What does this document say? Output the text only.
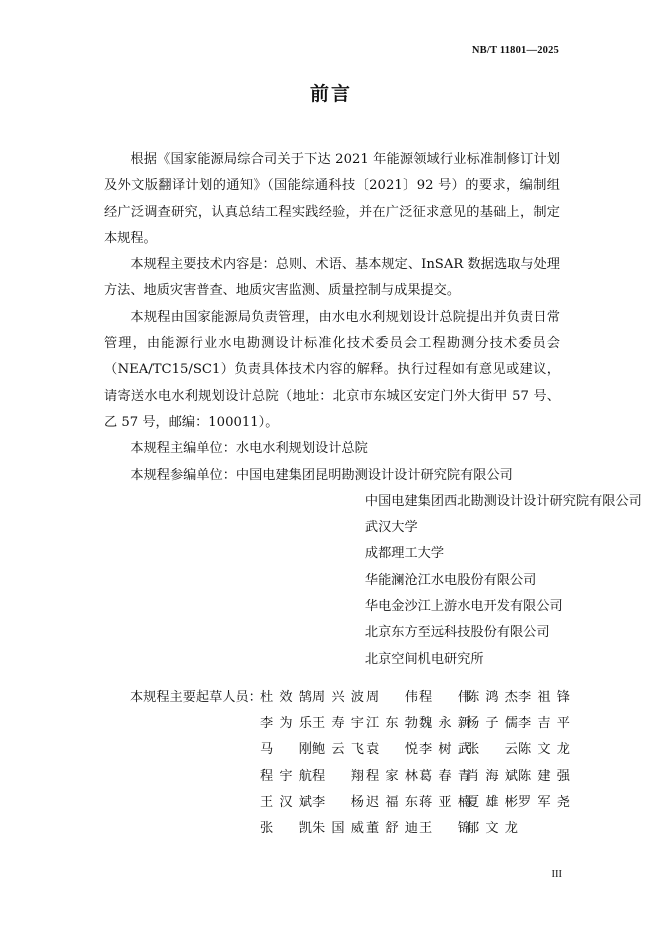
NB/T 11801—2025
前言

根据《国家能源局综合司关于下达 2021 年能源领域行业标准制修订计划及外文版翻译计划的通知》（国能综通科技〔2021〕92 号）的要求，编制组经广泛调查研究，认真总结工程实践经验，并在广泛征求意见的基础上，制定本规程。

本规程主要技术内容是：总则、术语、基本规定、InSAR 数据选取与处理方法、地质灾害普查、地质灾害监测、质量控制与成果提交。

本规程由国家能源局负责管理，由水电水利规划设计总院提出并负责日常管理，由能源行业水电勘测设计标准化技术委员会工程勘测分技术委员会（NEA/TC15/SC1）负责具体技术内容的解释。执行过程如有意见或建议，请寄送水电水利规划设计总院（地址：北京市东城区安定门外大街甲 57 号、乙 57 号，邮编：100011）。

本规程主编单位： 水电水利规划设计总院
本规程参编单位： 中国电建集团昆明勘测设计设计研究院有限公司
中国电建集团西北勘测设计设计研究院有限公司
武汉大学
成都理工大学
华能澜沧江水电股份有限公司
华电金沙江上游水电开发有限公司
北京东方至远科技股份有限公司
北京空间机电研究所
本规程主要起草人员：
杜效鹄 周兴波 周　伟 程　伟
陈鸿杰 李祖锋
李为乐 王寿宇 江东勃 魏永新
杨子儒 李吉平
马　刚 鲍云飞 袁　悦 李树武
张　云 陈文龙
程宇航 程　翔 程家林 葛春青
肖海斌 陈建强
王汉斌 李　杨 迟福东 蒋亚楠
夏雄彬 罗军尧
张　凯 朱国威 董舒迪 王　锦
郁文龙
III
